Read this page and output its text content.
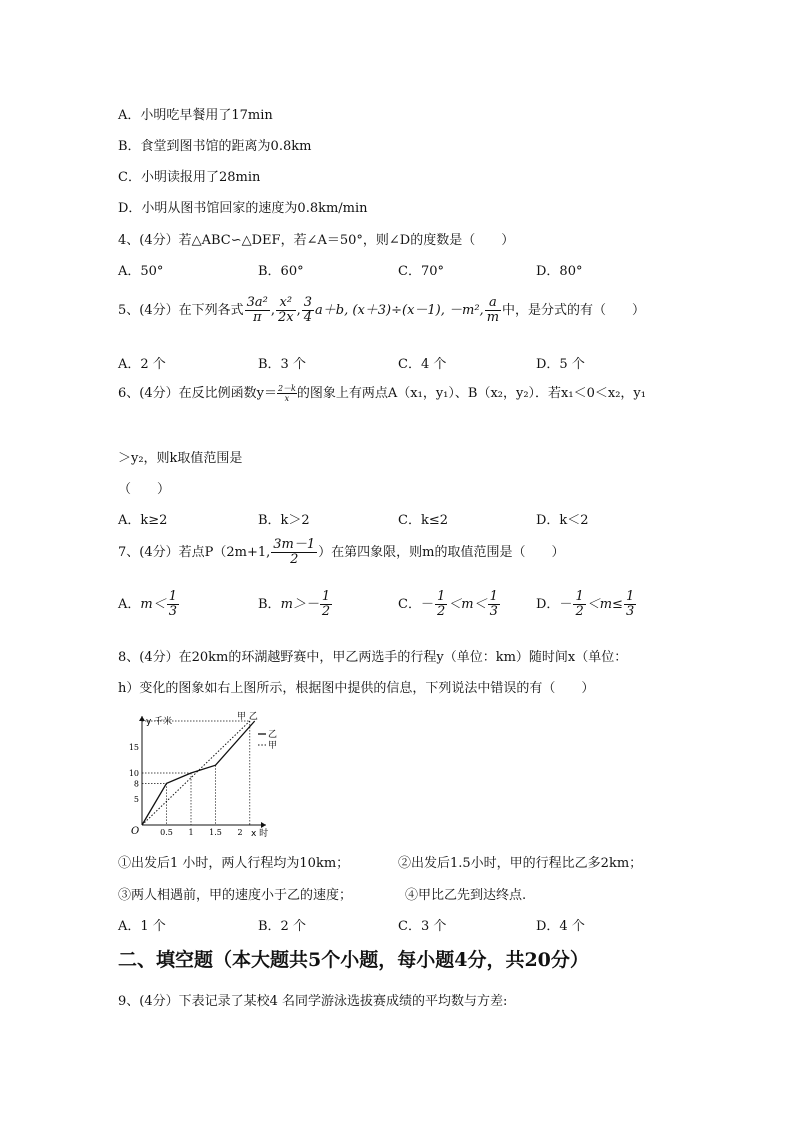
A．小明吃早餐用了17min
B．食堂到图书馆的距离为0.8km
C．小明读报用了28min
D．小明从图书馆回家的速度为0.8km/min
4、(4分）若△ABC∽△DEF，若∠A＝50°，则∠D的度数是（　　）
A．50°	B．60°	C．70°	D．80°
5、(4分）在下列各式 $\frac{\text{3a²}}{\pi}$ , $\frac{\text{x²}}{2x}$ , $\frac{3}{4} a+b$, (x＋3)÷(x－1), －m², $\frac{a}{m}$ 中，是分式的有（　　）
A．2 个	B．3 个	C．4 个	D．5 个
6、(4分）在反比例函数$y= \frac{2-k}{x}$ 的图象上有两点A（x₁，y₁）、B（x₂，y₂）．若x₁＜0＜x₂，y₁
＞y₂，则k取值范围是
（　　）
A．k≥2	B．k＞2	C．k≤2	D．k＜2
7、(4分）若点P（2m+1, $\frac{3m-1}{2}$ ）在第四象限，则m的取值范围是（　　）
A．$m< \frac{1}{3}$	B．$m>- \frac{1}{2}$	C．－ $\frac{1}{2} <m< \frac{1}{3}$	D．－ $\frac{1}{2} <m\le \frac{1}{3}$
8、(4分）在20km的环湖越野赛中，甲乙两选手的行程y（单位：km）随时间x（单位：
h）变化的图象如右上图所示，根据图中提供的信息，下列说法中错误的有（　　）
y 千米
x 时
O
5
8
10
15
0.5 1 1.5 2
甲 乙
乙
甲
①出发后1 小时，两人行程均为10km；	②出发后1.5小时，甲的行程比乙多2km；
③两人相遇前，甲的速度小于乙的速度；	④甲比乙先到达终点.
A．1 个	B．2 个	C．3 个	D．4 个
二、填空题（本大题共5个小题，每小题4分，共20分）
9、(4分）下表记录了某校4 名同学游泳选拔赛成绩的平均数与方差:
